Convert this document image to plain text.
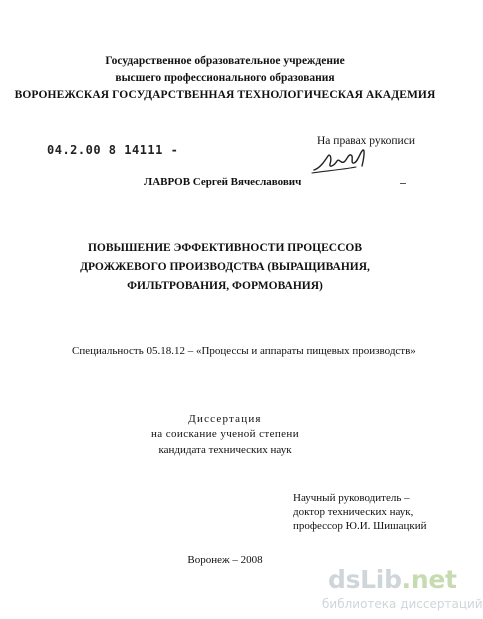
Государственное образовательное учреждение
высшего профессионального образования
ВОРОНЕЖСКАЯ ГОСУДАРСТВЕННАЯ ТЕХНОЛОГИЧЕСКАЯ АКАДЕМИЯ
04.2.00 8 14111 -
На правах рукописи
ЛАВРОВ Сергей Вячеславович
ПОВЫШЕНИЕ ЭФФЕКТИВНОСТИ ПРОЦЕССОВ ДРОЖЖЕВОГО ПРОИЗВОДСТВА (ВЫРАЩИВАНИЯ, ФИЛЬТРОВАНИЯ, ФОРМОВАНИЯ)
Специальность 05.18.12 – «Процессы и аппараты пищевых производств»
Диссертация
на соискание ученой степени
кандидата технических наук
Научный руководитель –
доктор технических наук,
профессор Ю.И. Шишацкий
Воронеж – 2008
dsLib.net
библиотека диссертаций
